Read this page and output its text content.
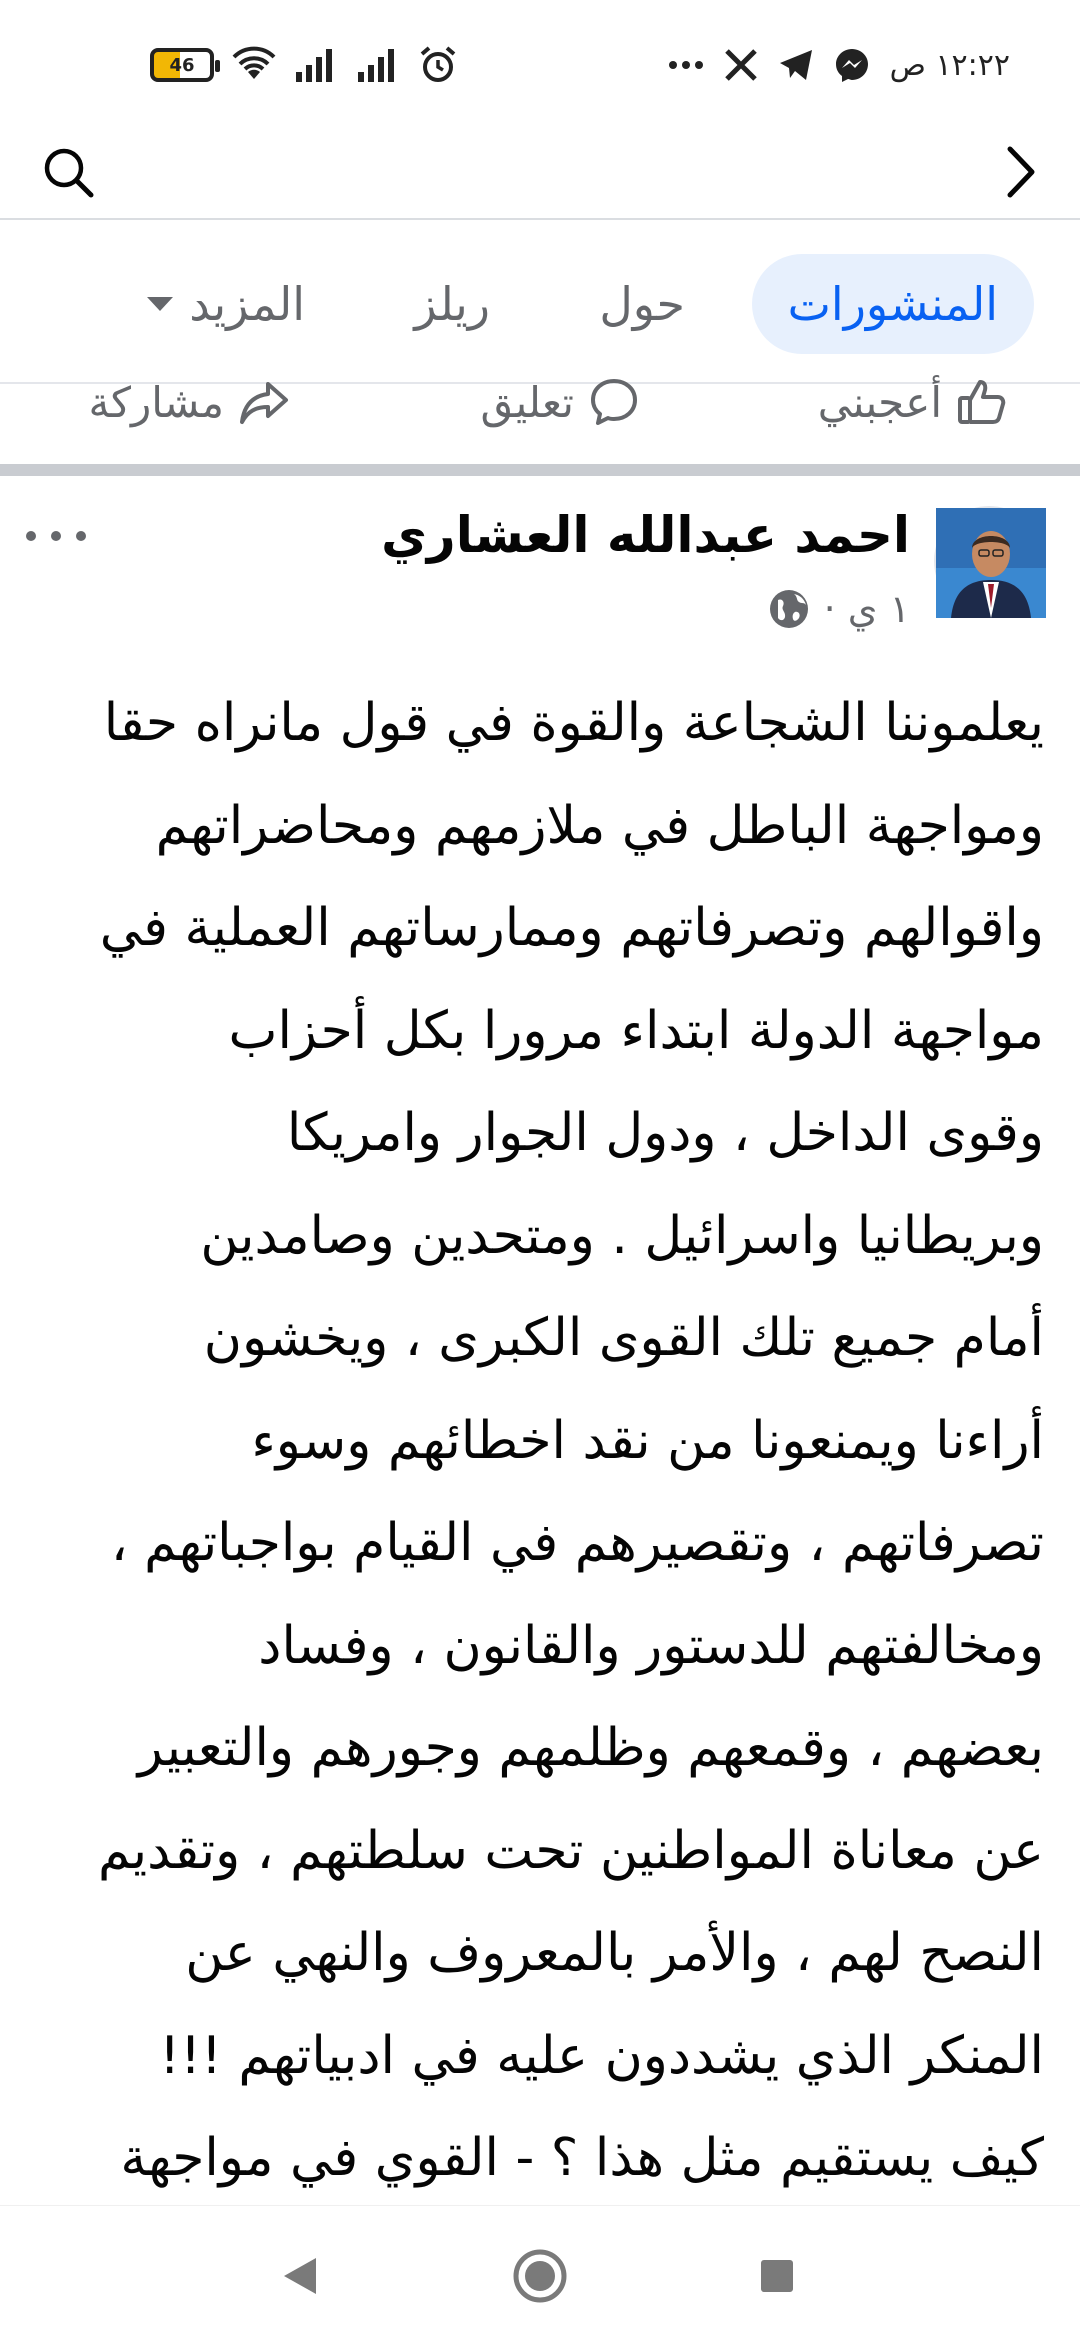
46	١٢:٢٢ ص
المنشورات
حول
ريلز
المزيد
أعجبني
تعليق
مشاركة
احمد عبدالله العشاري
١ ي ·
يعلموننا الشجاعة والقوة في قول مانراه حقا
ومواجهة الباطل في ملازمهم ومحاضراتهم
واقوالهم وتصرفاتهم وممارساتهم العملية في
مواجهة الدولة ابتداء مرورا بكل أحزاب
وقوى الداخل ، ودول الجوار وامريكا
وبريطانيا واسرائيل . ومتحدين وصامدين
أمام جميع تلك القوى الكبرى ، ويخشون
أراءنا ويمنعونا من نقد اخطائهم وسوء
تصرفاتهم ، وتقصيرهم في القيام بواجباتهم ،
ومخالفتهم للدستور والقانون ، وفساد
بعضهم ، وقمعهم وظلمهم وجورهم والتعبير
عن معاناة المواطنين تحت سلطتهم ، وتقديم
النصح لهم ، والأمر بالمعروف والنهي عن
المنكر الذي يشددون عليه في ادبياتهم !!!
كيف يستقيم مثل هذا ؟ - القوي في مواجهة
